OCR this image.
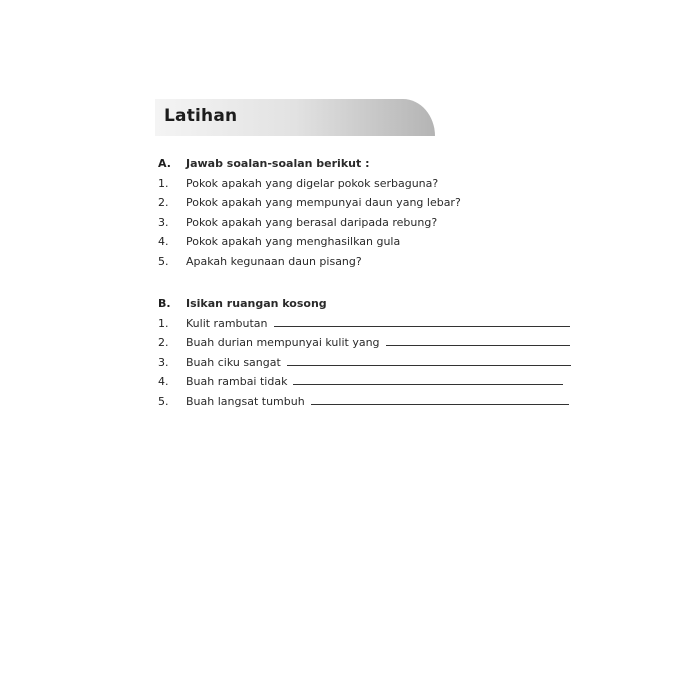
Latihan
A.	Jawab soalan-soalan berikut :
1.	Pokok apakah yang digelar pokok serbaguna?
2.	Pokok apakah yang mempunyai daun yang lebar?
3.	Pokok apakah yang berasal daripada rebung?
4.	Pokok apakah yang menghasilkan gula
5.	Apakah kegunaan daun pisang?
B.	Isikan ruangan kosong
1.	Kulit rambutan
2.	Buah durian mempunyai kulit yang
3.	Buah ciku sangat
4.	Buah rambai tidak
5.	Buah langsat tumbuh
